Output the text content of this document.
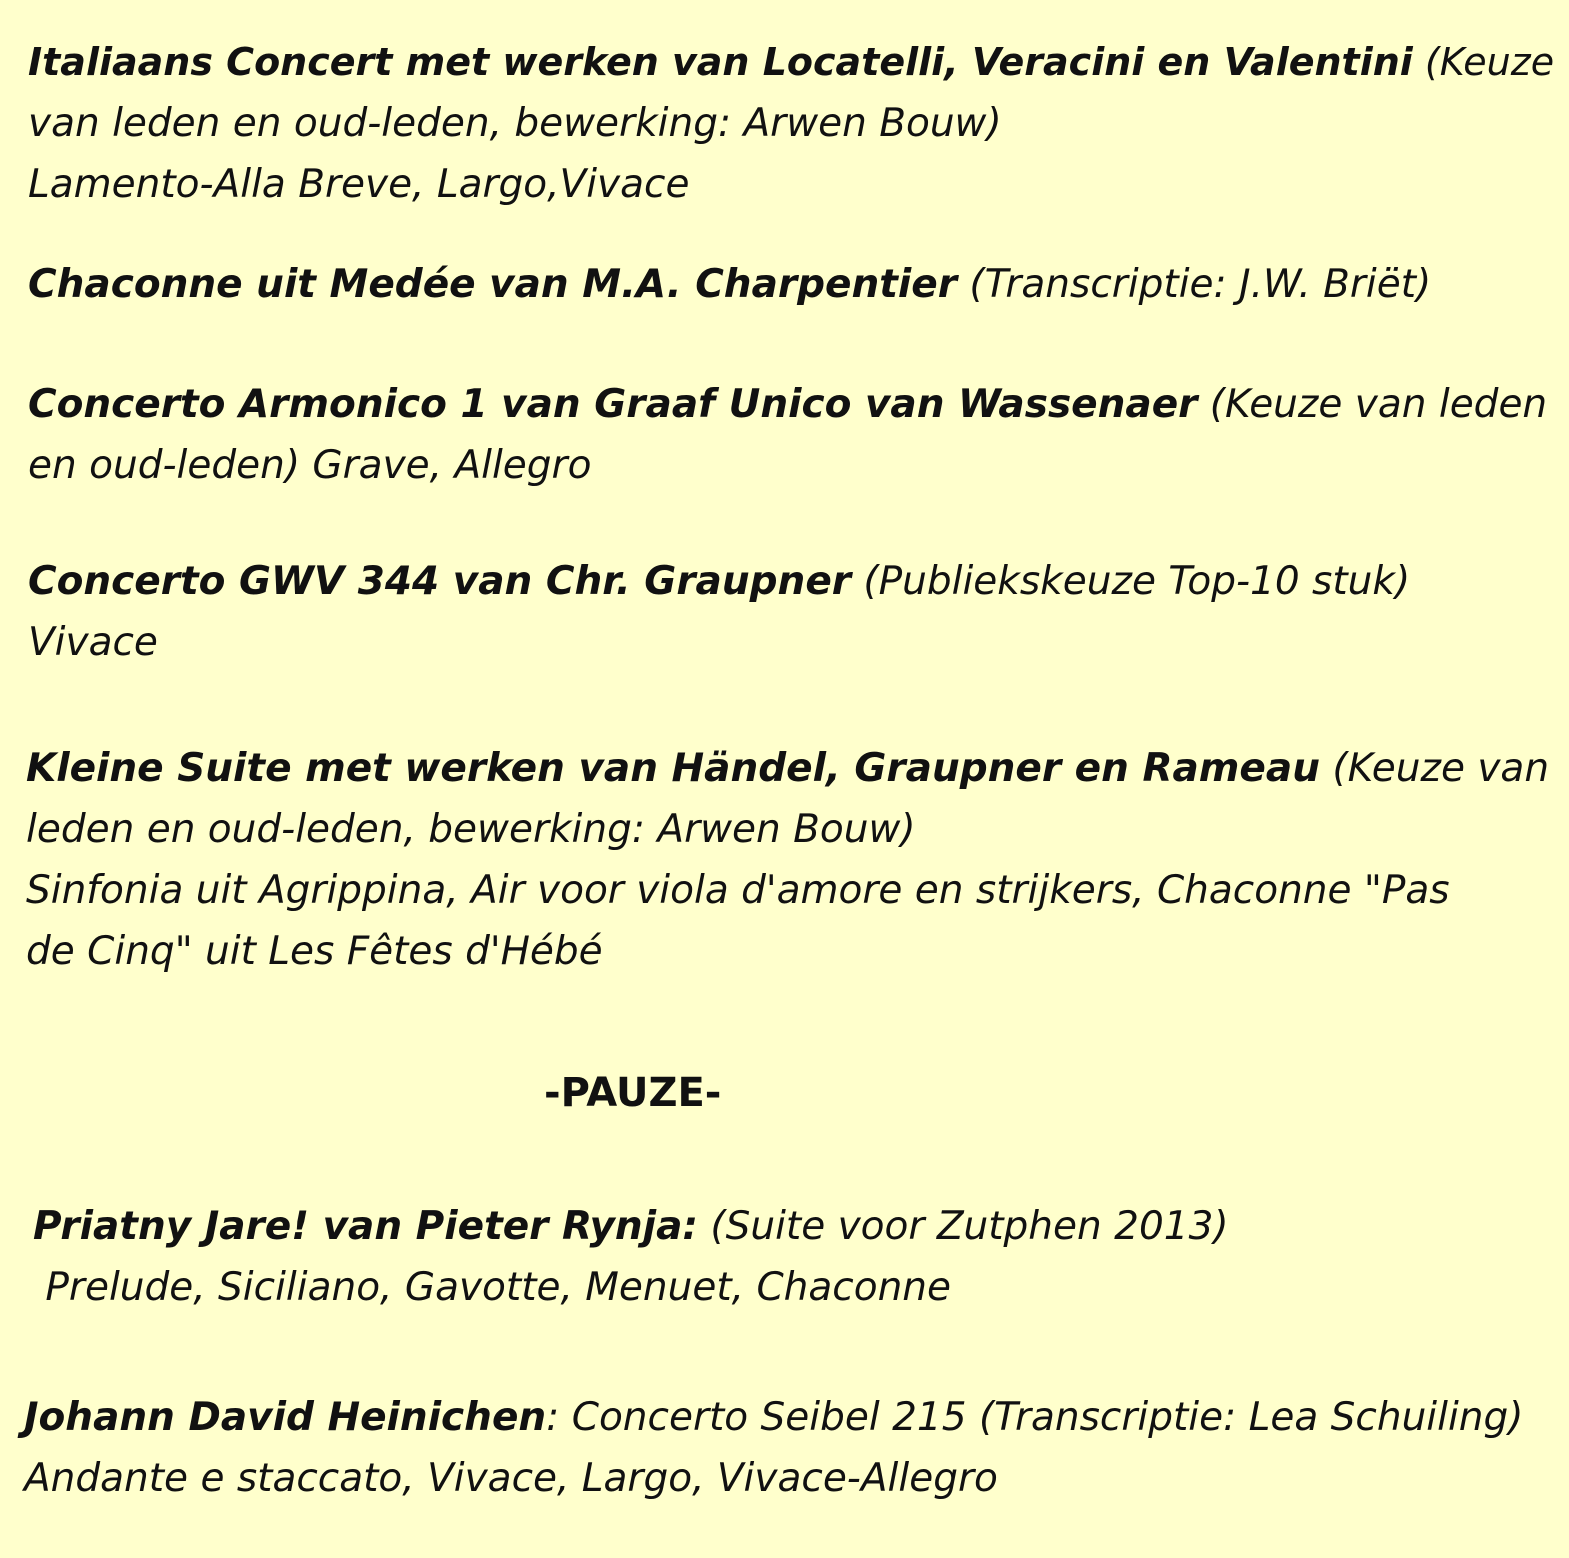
Italiaans Concert met werken van Locatelli, Veracini en Valentini (Keuze
van leden en oud-leden, bewerking: Arwen Bouw)
Lamento-Alla Breve, Largo,Vivace
Chaconne uit Medée van M.A. Charpentier (Transcriptie: J.W. Briët)
Concerto Armonico 1 van Graaf Unico van Wassenaer (Keuze van leden
en oud-leden) Grave, Allegro
Concerto GWV 344 van Chr. Graupner (Publiekskeuze Top-10 stuk)
Vivace
Kleine Suite met werken van Händel, Graupner en Rameau (Keuze van
leden en oud-leden, bewerking: Arwen Bouw)
Sinfonia uit Agrippina, Air voor viola d'amore en strijkers, Chaconne "Pas
de Cinq" uit Les Fêtes d'Hébé
-PAUZE-
Priatny Jare! van Pieter Rynja: (Suite voor Zutphen 2013)
Prelude, Siciliano, Gavotte, Menuet, Chaconne
Johann David Heinichen: Concerto Seibel 215 (Transcriptie: Lea Schuiling)
Andante e staccato, Vivace, Largo, Vivace-Allegro
